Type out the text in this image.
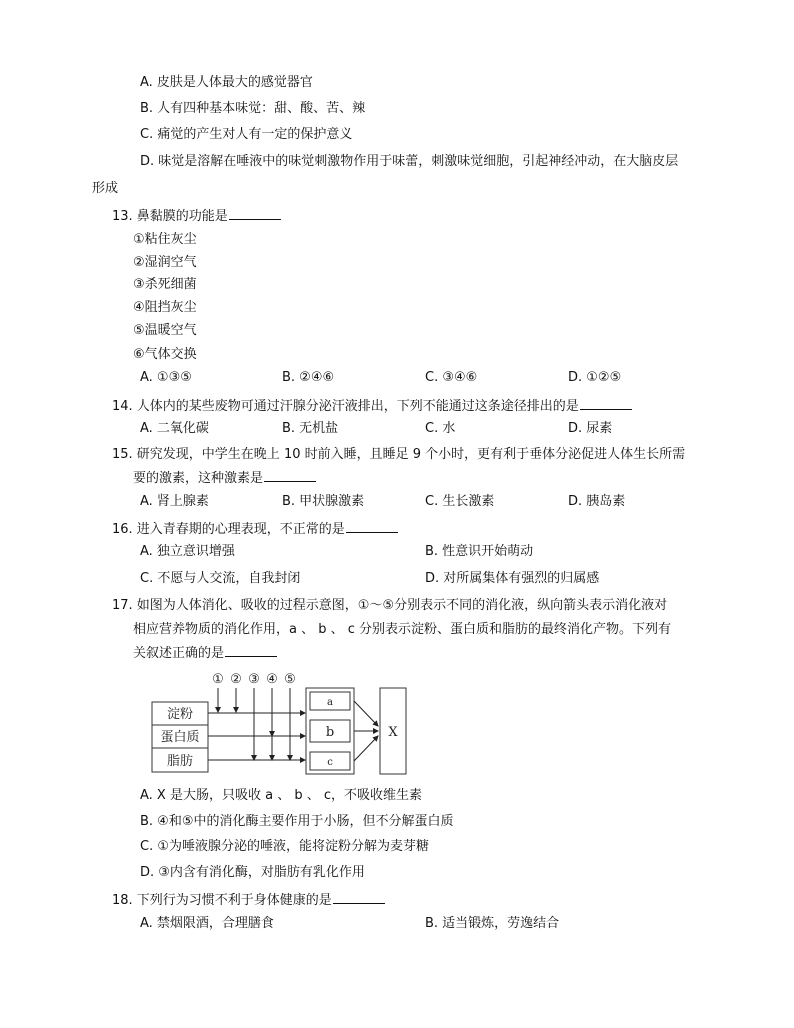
A. 皮肤是人体最大的感觉器官
B. 人有四种基本味觉：甜、酸、苦、辣
C. 痛觉的产生对人有一定的保护意义
D. 味觉是溶解在唾液中的味觉刺激物作用于味蕾，刺激味觉细胞，引起神经冲动，在大脑皮层
形成
13. 鼻黏膜的功能是
①粘住灰尘
②湿润空气
③杀死细菌
④阻挡灰尘
⑤温暖空气
⑥气体交换
A. ①③⑤	B. ②④⑥	C. ③④⑥	D. ①②⑤
14. 人体内的某些废物可通过汗腺分泌汗液排出，下列不能通过这条途径排出的是
A. 二氧化碳	B. 无机盐	C. 水	D. 尿素
15. 研究发现，中学生在晚上 10 时前入睡，且睡足 9 个小时，更有利于垂体分泌促进人体生长所需
要的激素，这种激素是
A. 肾上腺素	B. 甲状腺激素	C. 生长激素	D. 胰岛素
16. 进入青春期的心理表现，不正常的是
A. 独立意识增强	B. 性意识开始萌动
C. 不愿与人交流，自我封闭	D. 对所属集体有强烈的归属感
17. 如图为人体消化、吸收的过程示意图，①～⑤分别表示不同的消化液，纵向箭头表示消化液对
相应营养物质的消化作用，a 、 b 、 c 分别表示淀粉、蛋白质和脂肪的最终消化产物。下列有
关叙述正确的是
① ② ③ ④ ⑤
淀粉
蛋白质
脂肪
a
b
c
X
A. X 是大肠，只吸收 a 、 b 、 c，不吸收维生素
B. ④和⑤中的消化酶主要作用于小肠，但不分解蛋白质
C. ①为唾液腺分泌的唾液，能将淀粉分解为麦芽糖
D. ③内含有消化酶，对脂肪有乳化作用
18. 下列行为习惯不利于身体健康的是
A. 禁烟限酒，合理膳食	B. 适当锻炼，劳逸结合
